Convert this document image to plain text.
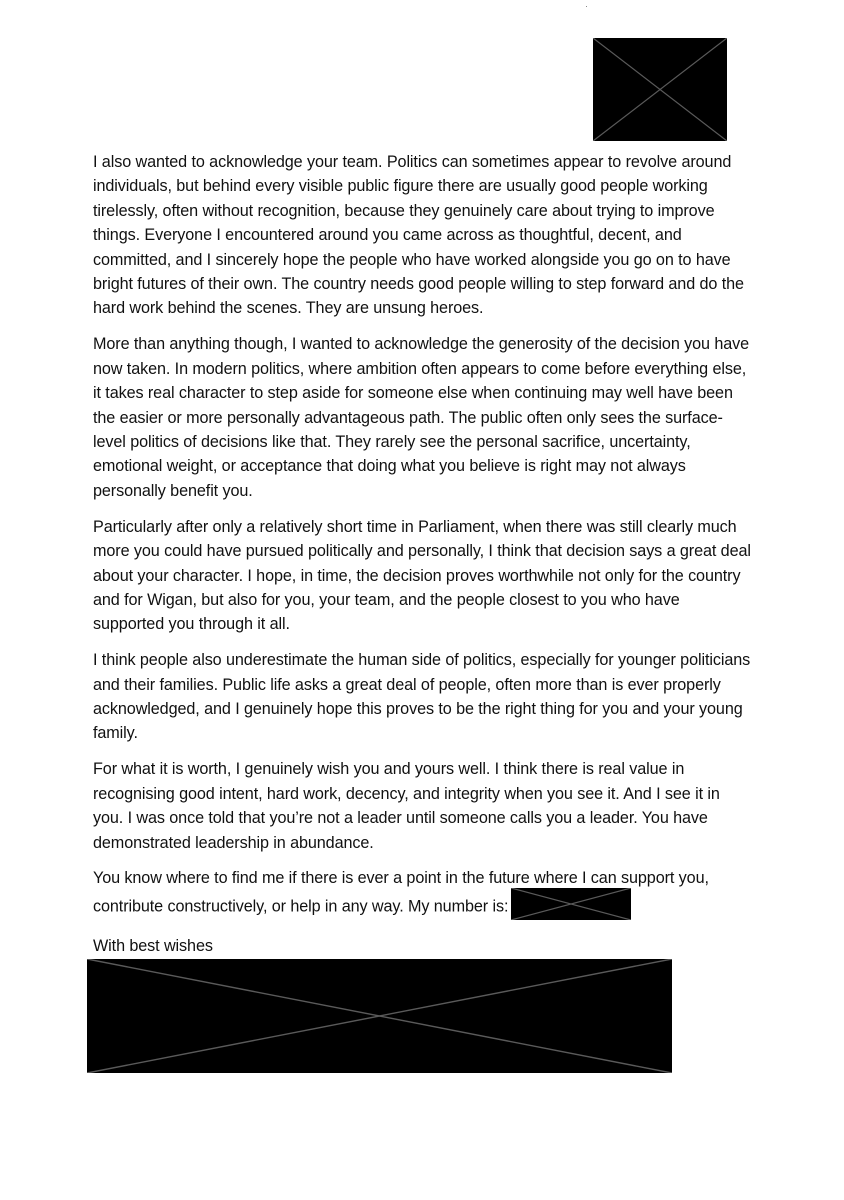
I also wanted to acknowledge your team. Politics can sometimes appear to revolve around individuals, but behind every visible public figure there are usually good people working tirelessly, often without recognition, because they genuinely care about trying to improve things. Everyone I encountered around you came across as thoughtful, decent, and committed, and I sincerely hope the people who have worked alongside you go on to have bright futures of their own. The country needs good people willing to step forward and do the hard work behind the scenes. They are unsung heroes.

More than anything though, I wanted to acknowledge the generosity of the decision you have now taken. In modern politics, where ambition often appears to come before everything else, it takes real character to step aside for someone else when continuing may well have been the easier or more personally advantageous path. The public often only sees the surface-level politics of decisions like that. They rarely see the personal sacrifice, uncertainty, emotional weight, or acceptance that doing what you believe is right may not always personally benefit you.

Particularly after only a relatively short time in Parliament, when there was still clearly much more you could have pursued politically and personally, I think that decision says a great deal about your character. I hope, in time, the decision proves worthwhile not only for the country and for Wigan, but also for you, your team, and the people closest to you who have supported you through it all.

I think people also underestimate the human side of politics, especially for younger politicians and their families. Public life asks a great deal of people, often more than is ever properly acknowledged, and I genuinely hope this proves to be the right thing for you and your young family.

For what it is worth, I genuinely wish you and yours well. I think there is real value in recognising good intent, hard work, decency, and integrity when you see it. And I see it in you. I was once told that you’re not a leader until someone calls you a leader. You have demonstrated leadership in abundance.

You know where to find me if there is ever a point in the future where I can support you, contribute constructively, or help in any way. My number is:

With best wishes
